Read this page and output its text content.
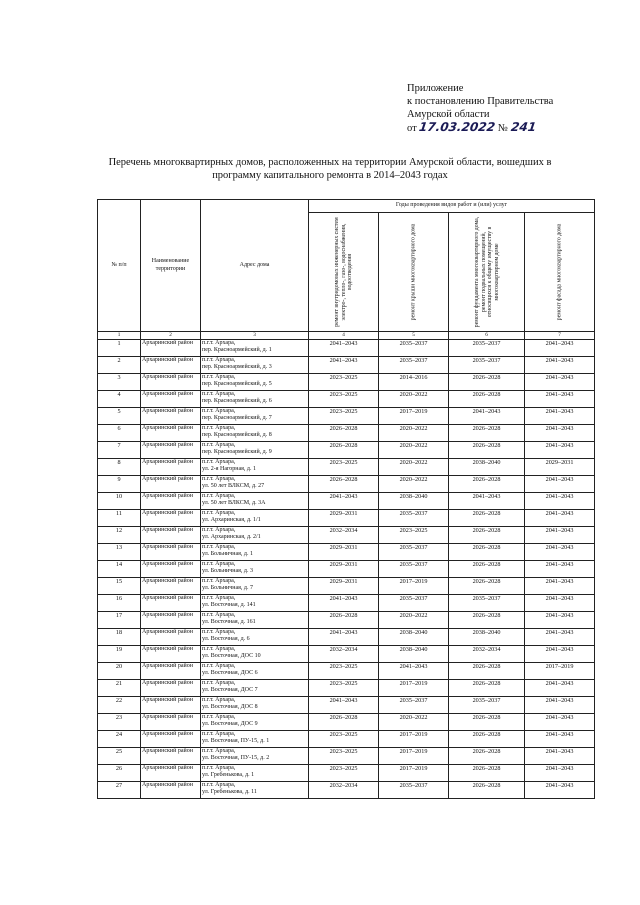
Приложение
к постановлению Правительства
Амурской области
от 17.03.2022 № 241
Перечень многоквартирных домов, расположенных на территории Амурской области, вошедших в
программу капитального ремонта в 2014–2043 годах
№ п/п	Наименование территории	Адрес дома	Годы проведения видов работ и (или) услуг			

			ремонт внутридомовых инженерных систем электро-, тепло-, газо-, водоснабжения, водоотведения	ремонт крыши многоквартирного дома	ремонт фундамента многоквартирного дома, ремонт подвальных помещений, относящихся к общему имуществу в многоквартирном доме	ремонт фасада многоквартирного дома

1	2	3	4	5	6	7
1	Архаринский район	п.г.т. Архара,
пер. Красноармейский, д. 1	2041–2043	2035–2037	2035–2037	2041–2043
2	Архаринский район	п.г.т. Архара,
пер. Красноармейский, д. 3	2041–2043	2035–2037	2035–2037	2041–2043
3	Архаринский район	п.г.т. Архара,
пер. Красноармейский, д. 5	2023–2025	2014–2016	2026–2028	2041–2043
4	Архаринский район	п.г.т. Архара,
пер. Красноармейский, д. 6	2023–2025	2020–2022	2026–2028	2041–2043
5	Архаринский район	п.г.т. Архара,
пер. Красноармейский, д. 7	2023–2025	2017–2019	2041–2043	2041–2043
6	Архаринский район	п.г.т. Архара,
пер. Красноармейский, д. 8	2026–2028	2020–2022	2026–2028	2041–2043
7	Архаринский район	п.г.т. Архара,
пер. Красноармейский, д. 9	2026–2028	2020–2022	2026–2028	2041–2043
8	Архаринский район	п.г.т. Архара,
ул. 2-я Нагорная, д. 1	2023–2025	2020–2022	2038–2040	2029–2031
9	Архаринский район	п.г.т. Архара,
ул. 50 лет ВЛКСМ, д. 27	2026–2028	2020–2022	2026–2028	2041–2043
10	Архаринский район	п.г.т. Архара,
ул. 50 лет ВЛКСМ, д. 3А	2041–2043	2038–2040	2041–2043	2041–2043
11	Архаринский район	п.г.т. Архара,
ул. Архаринская, д. 1/1	2029–2031	2035–2037	2026–2028	2041–2043
12	Архаринский район	п.г.т. Архара,
ул. Архаринская, д. 2/1	2032–2034	2023–2025	2026–2028	2041–2043
13	Архаринский район	п.г.т. Архара,
ул. Больничная, д. 1	2029–2031	2035–2037	2026–2028	2041–2043
14	Архаринский район	п.г.т. Архара,
ул. Больничная, д. 3	2029–2031	2035–2037	2026–2028	2041–2043
15	Архаринский район	п.г.т. Архара,
ул. Больничная, д. 7	2029–2031	2017–2019	2026–2028	2041–2043
16	Архаринский район	п.г.т. Архара,
ул. Восточная, д. 141	2041–2043	2035–2037	2035–2037	2041–2043
17	Архаринский район	п.г.т. Архара,
ул. Восточная, д. 161	2026–2028	2020–2022	2026–2028	2041–2043
18	Архаринский район	п.г.т. Архара,
ул. Восточная, д. 6	2041–2043	2038–2040	2038–2040	2041–2043
19	Архаринский район	п.г.т. Архара,
ул. Восточная, ДОС 10	2032–2034	2038–2040	2032–2034	2041–2043
20	Архаринский район	п.г.т. Архара,
ул. Восточная, ДОС 6	2023–2025	2041–2043	2026–2028	2017–2019
21	Архаринский район	п.г.т. Архара,
ул. Восточная, ДОС 7	2023–2025	2017–2019	2026–2028	2041–2043
22	Архаринский район	п.г.т. Архара,
ул. Восточная, ДОС 8	2041–2043	2035–2037	2035–2037	2041–2043
23	Архаринский район	п.г.т. Архара,
ул. Восточная, ДОС 9	2026–2028	2020–2022	2026–2028	2041–2043
24	Архаринский район	п.г.т. Архара,
ул. Восточная, ПУ-15, д. 1	2023–2025	2017–2019	2026–2028	2041–2043
25	Архаринский район	п.г.т. Архара,
ул. Восточная, ПУ-15, д. 2	2023–2025	2017–2019	2026–2028	2041–2043
26	Архаринский район	п.г.т. Архара,
ул. Гребенькова, д. 1	2023–2025	2017–2019	2026–2028	2041–2043
27	Архаринский район	п.г.т. Архара,
ул. Гребенькова, д. 11	2032–2034	2035–2037	2026–2028	2041–2043
